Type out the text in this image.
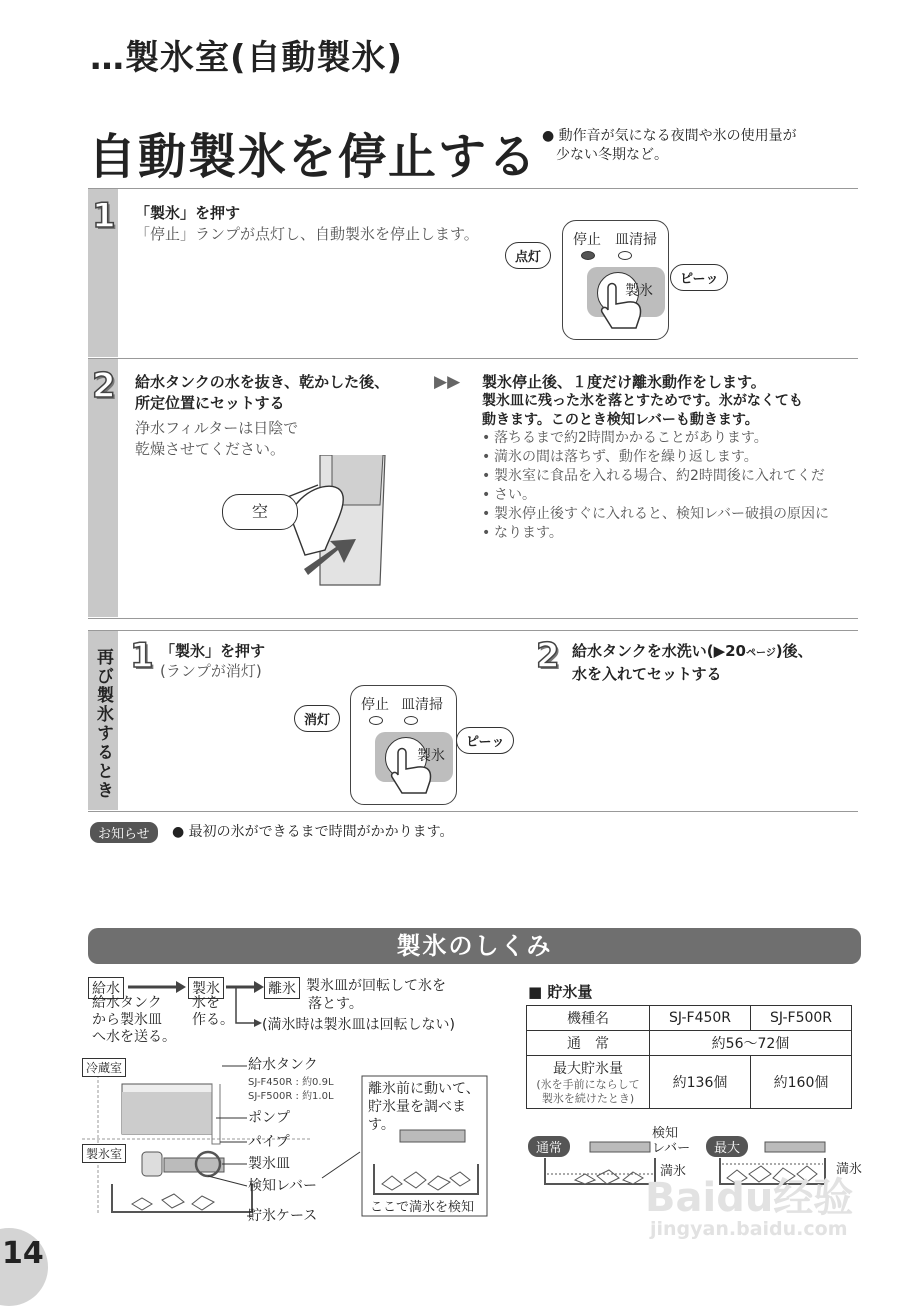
…製氷室(自動製氷)
自動製氷を停止する ● 動作音が気になる夜間や氷の使用量が
少ない冬期など。
1 「製氷」を押す
「停止」ランプが点灯し、自動製氷を停止します。	停止 皿清掃
製氷
点灯
ピーッ
2 給水タンクの水を抜き、乾かした後、
所定位置にセットする
浄水フィルターは日陰で
乾燥させてください。
空
▶▶ 製氷停止後、１度だけ離氷動作をします。
製氷皿に残った氷を落とすためです。氷がなくても
動きます。このとき検知レバーも動きます。
• 落ちるまで約2時間かかることがあります。
• 満氷の間は落ちず、動作を繰り返します。
• 製氷室に食品を入れる場合、約2時間後に入れてくだ
• さい。
• 製氷停止後すぐに入れると、検知レバー破損の原因に
• なります。
再び製氷するとき 1 「製氷」を押す
(ランプが消灯)
停止 皿清掃
製氷
消灯
ピーッ
2 給水タンクを水洗い(▶20ページ)後、
水を入れてセットする
お知らせ	● 最初の氷ができるまで時間がかかります。
製氷のしくみ
給水
給水タンク
から製氷皿
へ水を送る。
製氷
氷を
作る。
離氷 製氷皿が回転して氷を
落とす。
(満氷時は製氷皿は回転しない)
冷蔵室
製氷室
給水タンク
SJ-F450R : 約0.9L
SJ-F500R : 約1.0L
ポンプ
パイプ
製氷皿
検知レバー
貯氷ケース
離氷前に動いて、
貯氷量を調べます。
ここで満氷を検知
■ 貯氷量
機種名	SJ-F450R	SJ-F500R
通　常	約56〜72個	

最大貯氷量
(氷を手前にならして
製氷を続けたとき)	約136個	約160個
通常	最大
検知
レバー
満氷	満氷
Baidu经验
jingyan.baidu.com
14
